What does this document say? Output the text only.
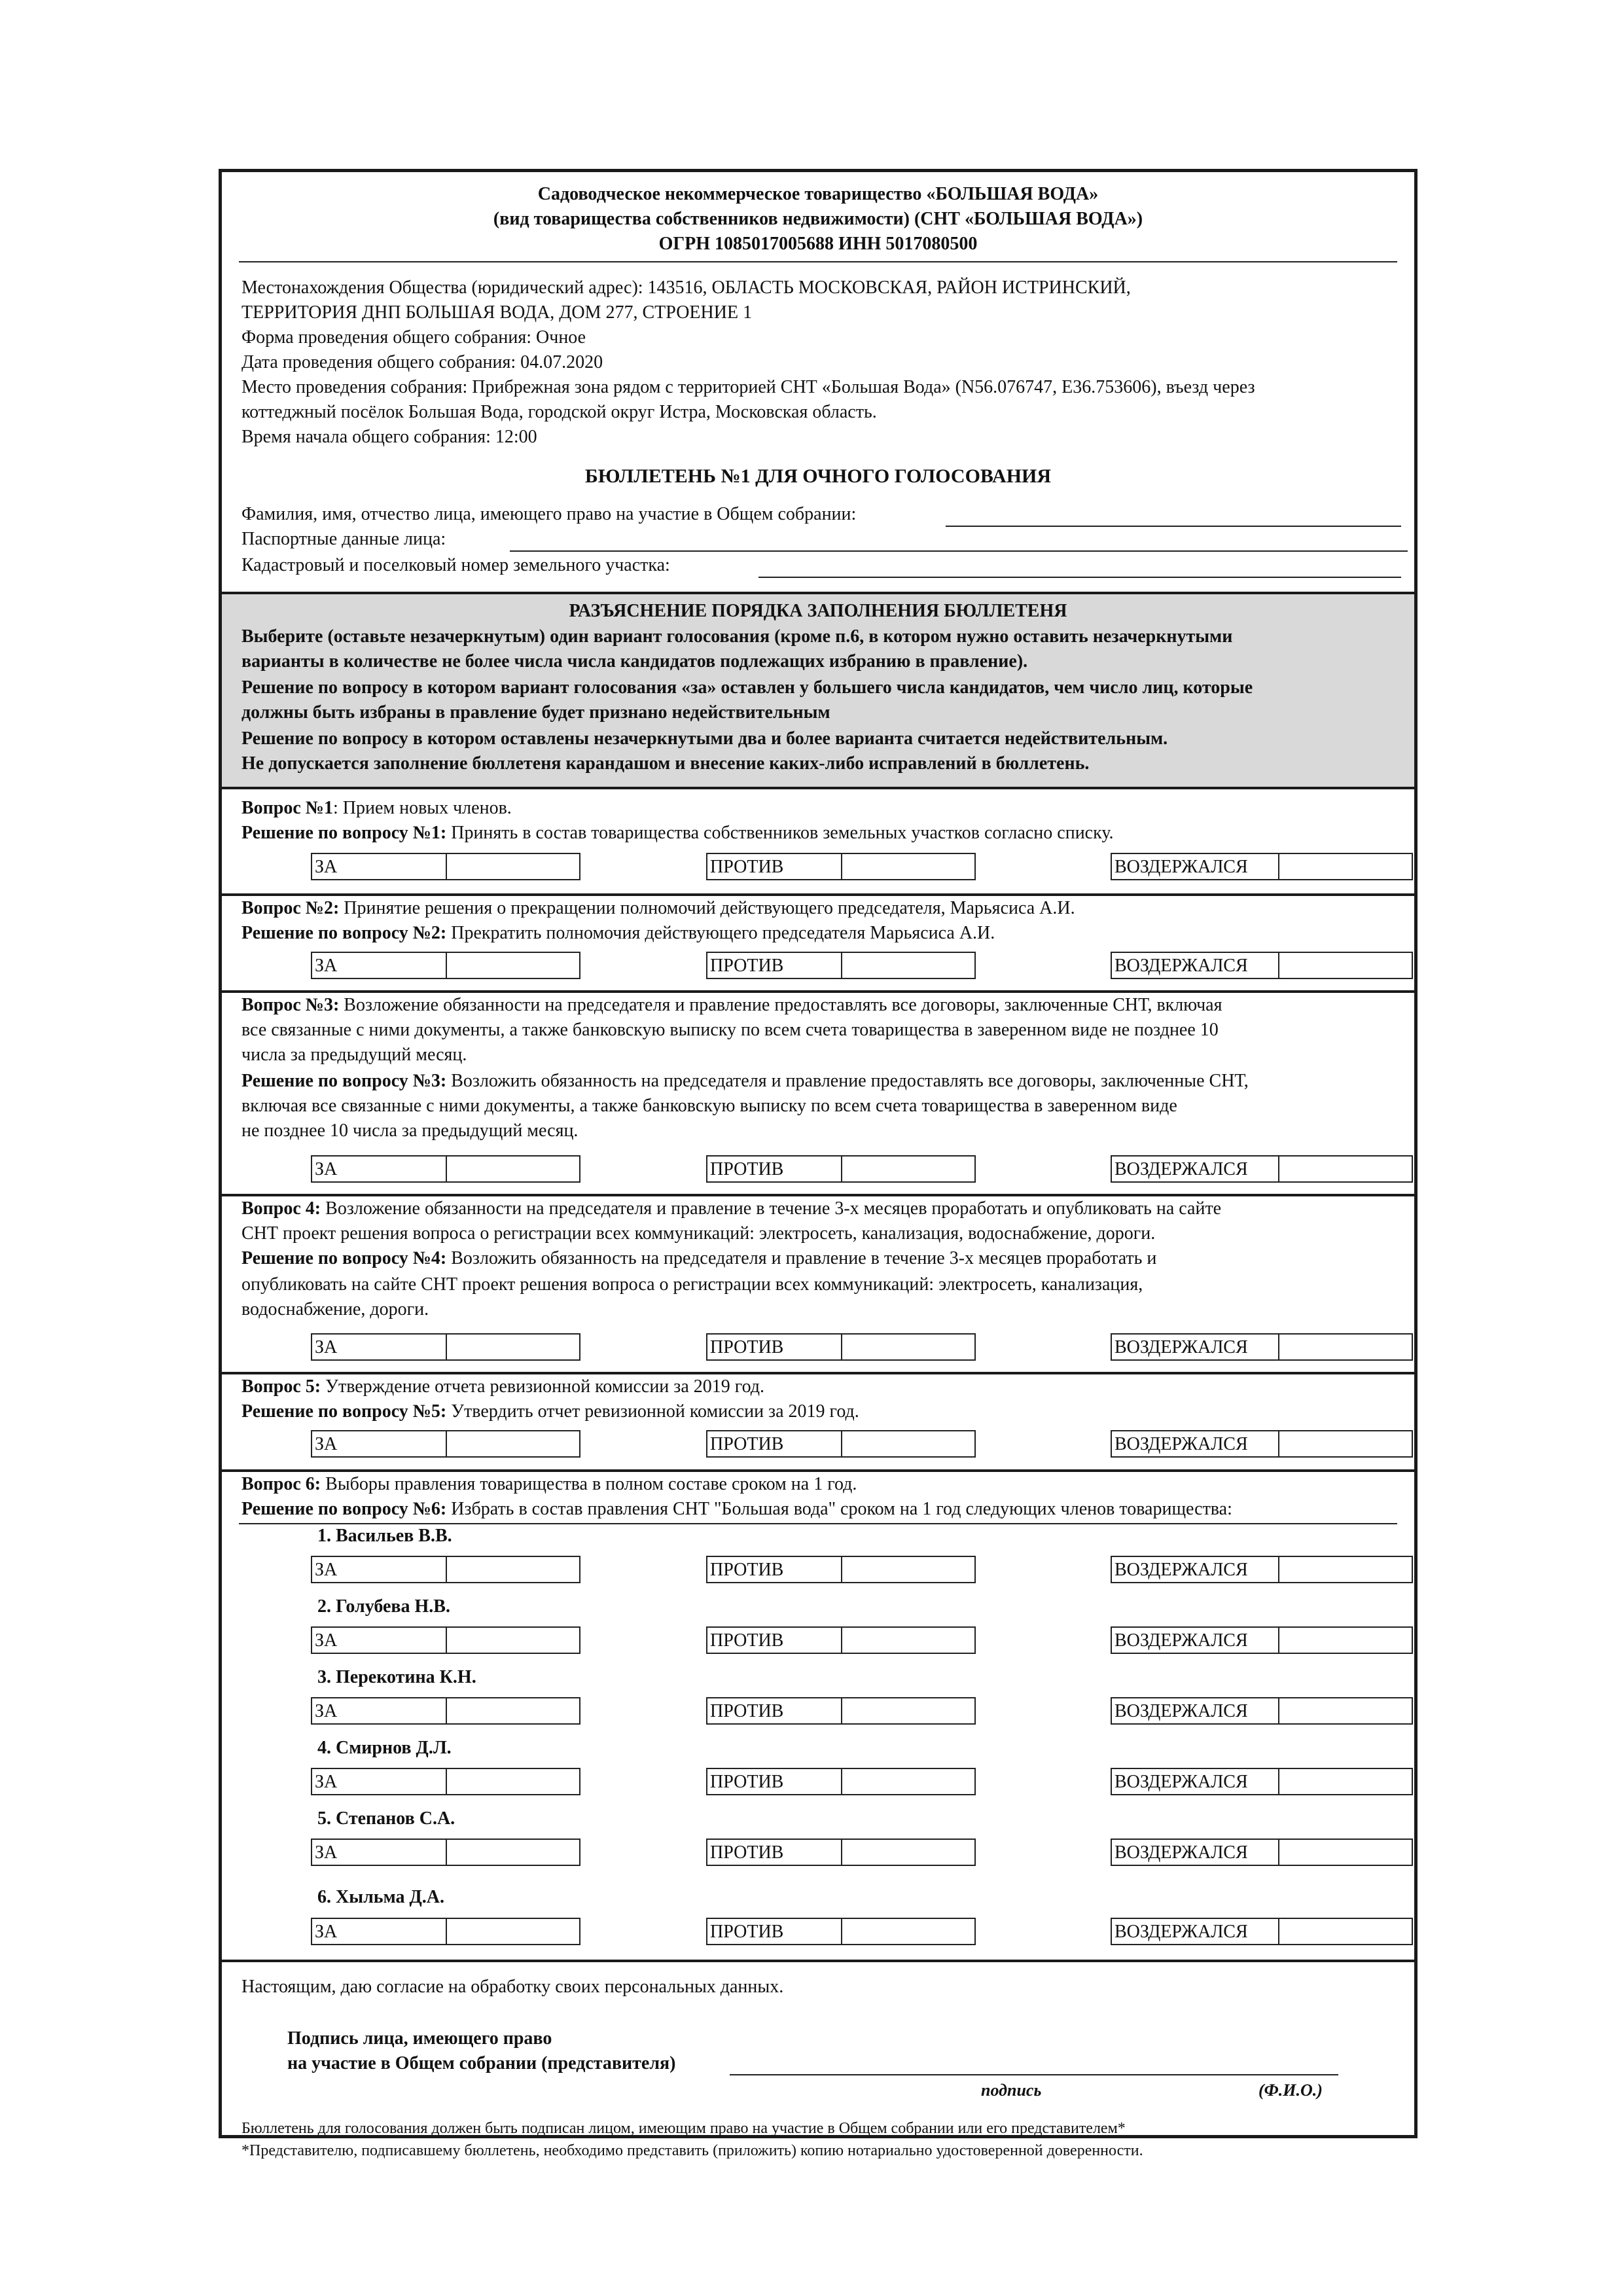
Садоводческое некоммерческое товарищество «БОЛЬШАЯ ВОДА»
(вид товарищества собственников недвижимости) (СНТ «БОЛЬШАЯ ВОДА»)
ОГРН 1085017005688 ИНН 5017080500
Местонахождения Общества (юридический адрес): 143516, ОБЛАСТЬ МОСКОВСКАЯ, РАЙОН ИСТРИНСКИЙ,
ТЕРРИТОРИЯ ДНП БОЛЬШАЯ ВОДА, ДОМ 277, СТРОЕНИЕ 1
Форма проведения общего собрания: Очное
Дата проведения общего собрания: 04.07.2020
Место проведения собрания: Прибрежная зона рядом с территорией СНТ «Большая Вода» (N56.076747, E36.753606), въезд через
коттеджный посёлок Большая Вода, городской округ Истра, Московская область.
Время начала общего собрания: 12:00
БЮЛЛЕТЕНЬ №1 ДЛЯ ОЧНОГО ГОЛОСОВАНИЯ
Фамилия, имя, отчество лица, имеющего право на участие в Общем собрании:
Паспортные данные лица:
Кадастровый и поселковый номер земельного участка:
РАЗЪЯСНЕНИЕ ПОРЯДКА ЗАПОЛНЕНИЯ БЮЛЛЕТЕНЯ
Выберите (оставьте незачеркнутым) один вариант голосования (кроме п.6, в котором нужно оставить незачеркнутыми
варианты в количестве не более числа числа кандидатов подлежащих избранию в правление).
Решение по вопросу в котором вариант голосования «за» оставлен у большего числа кандидатов, чем число лиц, которые
должны быть избраны в правление будет признано недействительным
Решение по вопросу в котором оставлены незачеркнутыми два и более варианта считается недействительным.
Не допускается заполнение бюллетеня карандашом и внесение каких-либо исправлений в бюллетень.
Вопрос №1: Прием новых членов.
Решение по вопросу №1: Принять в состав товарищества собственников земельных участков согласно списку.
ЗА	ПРОТИВ	ВОЗДЕРЖАЛСЯ
Вопрос №2: Принятие решения о прекращении полномочий действующего председателя, Марьясиса А.И.
Решение по вопросу №2: Прекратить полномочия действующего председателя Марьясиса А.И.
ЗА	ПРОТИВ	ВОЗДЕРЖАЛСЯ
Вопрос №3: Возложение обязанности на председателя и правление предоставлять все договоры, заключенные СНТ, включая
все связанные с ними документы, а также банковскую выписку по всем счета товарищества в заверенном виде не позднее 10
числа за предыдущий месяц.
Решение по вопросу №3: Возложить обязанность на председателя и правление предоставлять все договоры, заключенные СНТ,
включая все связанные с ними документы, а также банковскую выписку по всем счета товарищества в заверенном виде
не позднее 10 числа за предыдущий месяц.
ЗА	ПРОТИВ	ВОЗДЕРЖАЛСЯ
Вопрос 4: Возложение обязанности на председателя и правление в течение 3-х месяцев проработать и опубликовать на сайте
СНТ проект решения вопроса о регистрации всех коммуникаций: электросеть, канализация, водоснабжение, дороги.
Решение по вопросу №4: Возложить обязанность на председателя и правление в течение 3-х месяцев проработать и
опубликовать на сайте СНТ проект решения вопроса о регистрации всех коммуникаций: электросеть, канализация,
водоснабжение, дороги.
ЗА	ПРОТИВ	ВОЗДЕРЖАЛСЯ
Вопрос 5: Утверждение отчета ревизионной комиссии за 2019 год.
Решение по вопросу №5: Утвердить отчет ревизионной комиссии за 2019 год.
ЗА	ПРОТИВ	ВОЗДЕРЖАЛСЯ
Вопрос 6: Выборы правления товарищества в полном составе сроком на 1 год.
Решение по вопросу №6: Избрать в состав правления СНТ "Большая вода" сроком на 1 год следующих членов товарищества:
1. Васильев В.В.
ЗА	ПРОТИВ	ВОЗДЕРЖАЛСЯ
2. Голубева Н.В.
ЗА	ПРОТИВ	ВОЗДЕРЖАЛСЯ
3. Перекотина К.Н.
ЗА	ПРОТИВ	ВОЗДЕРЖАЛСЯ
4. Смирнов Д.Л.
ЗА	ПРОТИВ	ВОЗДЕРЖАЛСЯ
5. Степанов С.А.
ЗА	ПРОТИВ	ВОЗДЕРЖАЛСЯ
6. Хыльма Д.А.
ЗА	ПРОТИВ	ВОЗДЕРЖАЛСЯ
Настоящим, даю согласие на обработку своих персональных данных.
Подпись лица, имеющего право
на участие в Общем собрании (представителя)
подпись	(Ф.И.О.)
Бюллетень для голосования должен быть подписан лицом, имеющим право на участие в Общем собрании или его представителем*
*Представителю, подписавшему бюллетень, необходимо представить (приложить) копию нотариально удостоверенной доверенности.
